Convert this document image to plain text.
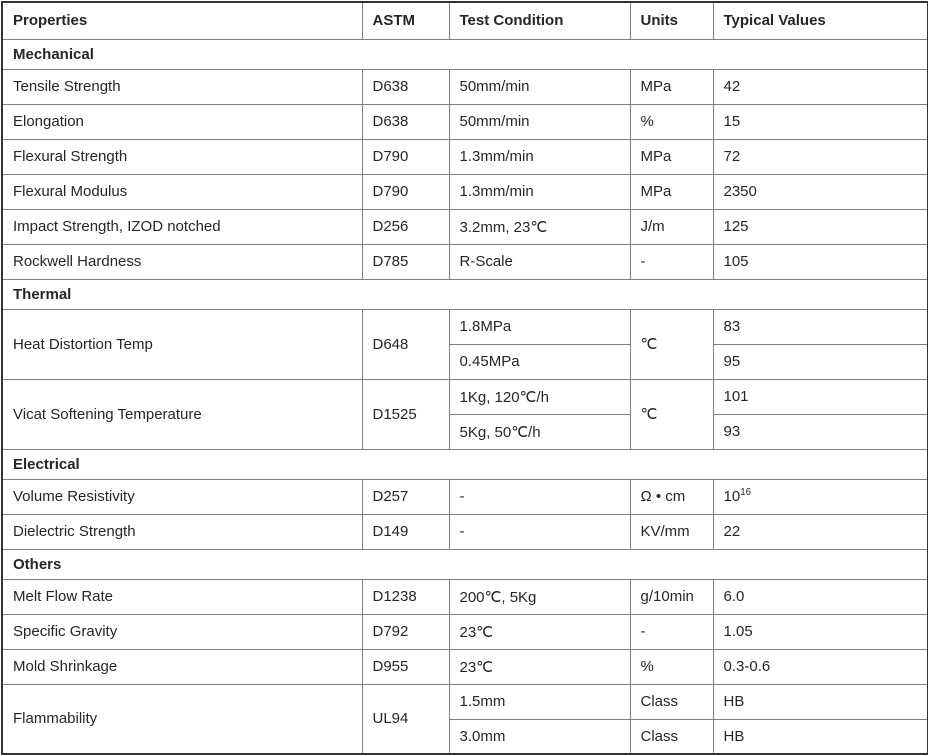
Properties	ASTM	Test Condition	Units	Typical Values
Mechanical				
Tensile Strength	D638	50mm/min	MPa	42
Elongation	D638	50mm/min	%	15
Flexural Strength	D790	1.3mm/min	MPa	72
Flexural Modulus	D790	1.3mm/min	MPa	2350
Impact Strength, IZOD notched	D256	3.2mm, 23℃	J/m	125
Rockwell Hardness	D785	R-Scale	-	105
Thermal				
Heat Distortion Temp	D648	1.8MPa	℃	83
		0.45MPa		95
Vicat Softening Temperature	D1525	1Kg, 120℃/h	℃	101
		5Kg, 50℃/h		93
Electrical				
Volume Resistivity	D257	-	Ω • cm	$10^{16}$
Dielectric Strength	D149	-	KV/mm	22
Others				
Melt Flow Rate	D1238	200℃, 5Kg	g/10min	6.0
Specific Gravity	D792	23℃	-	1.05
Mold Shrinkage	D955	23℃	%	0.3-0.6
Flammability	UL94	1.5mm	Class	HB
		3.0mm	Class	HB
